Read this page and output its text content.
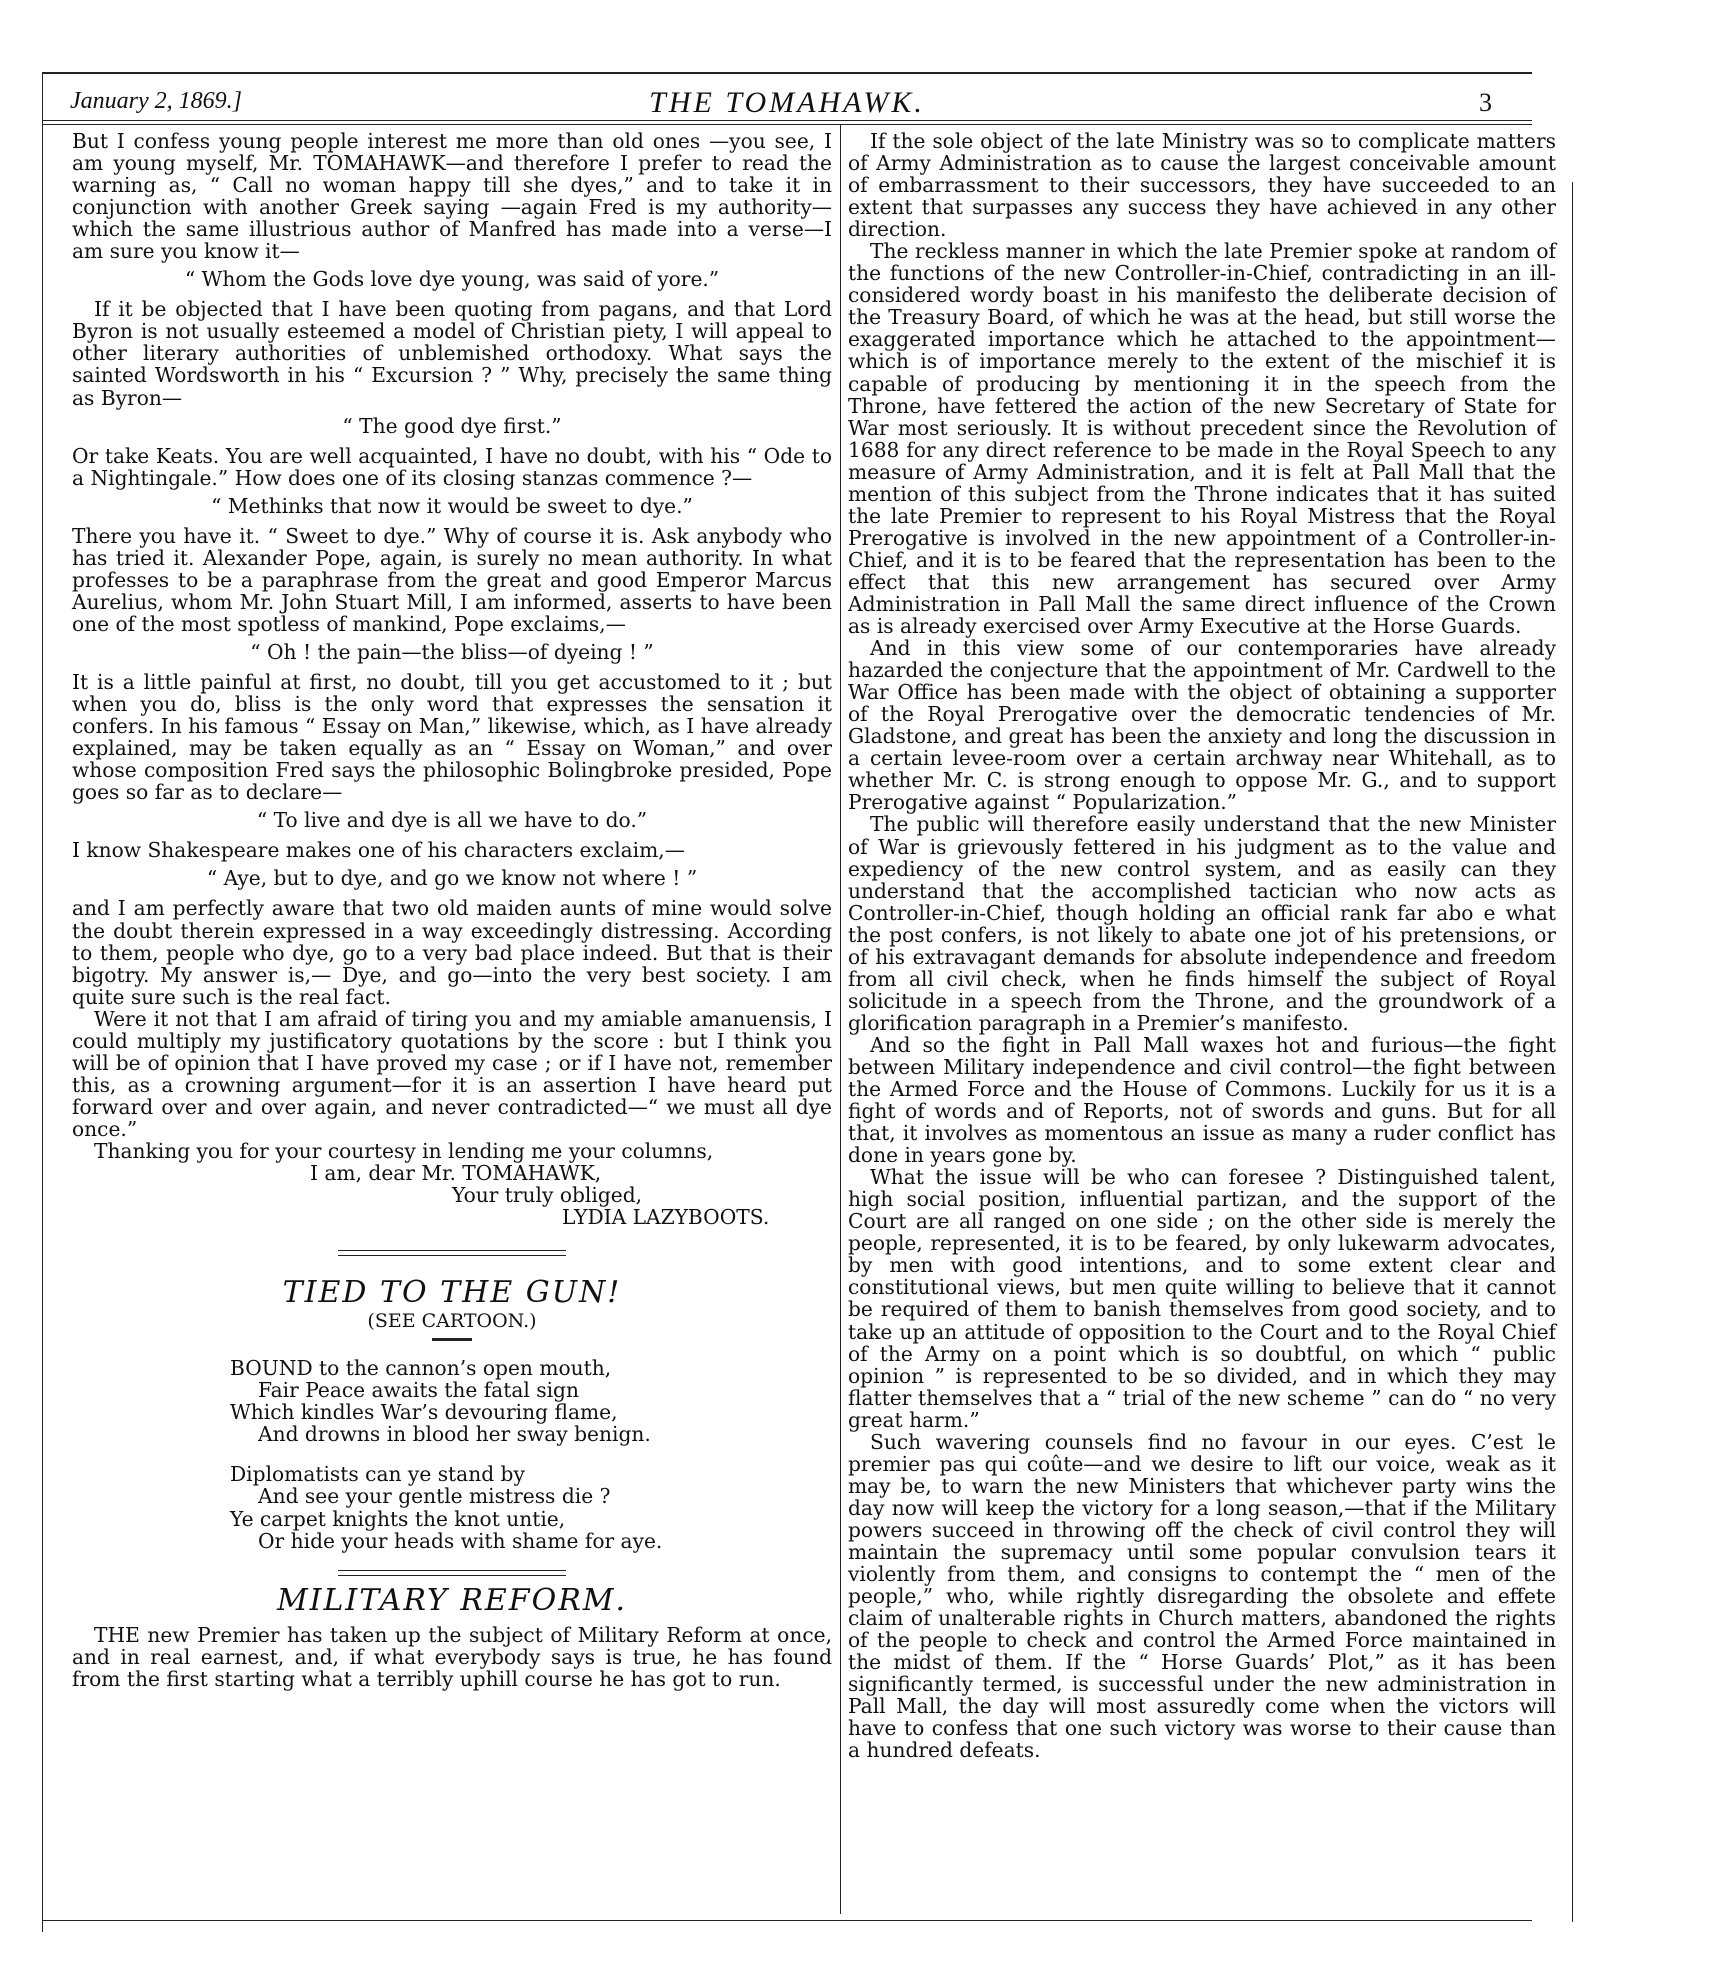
January 2, 1869.]	THE TOMAHAWK.	3

But I confess young people interest me more than old ones —you see, I am young myself, Mr. TOMAHAWK—and therefore I prefer to read the warning as, “ Call no woman happy till she dyes,” and to take it in conjunction with another Greek saying —again Fred is my authority—which the same illustrious author of Manfred has made into a verse—I am sure you know it—

“ Whom the Gods love dye young, was said of yore.”

If it be objected that I have been quoting from pagans, and that Lord Byron is not usually esteemed a model of Christian piety, I will appeal to other literary authorities of unblemished orthodoxy. What says the sainted Wordsworth in his “ Excursion ? ” Why, precisely the same thing as Byron—

“ The good dye first.”

Or take Keats. You are well acquainted, I have no doubt, with his “ Ode to a Nightingale.” How does one of its closing stanzas commence ?—

“ Methinks that now it would be sweet to dye.”

There you have it. “ Sweet to dye.” Why of course it is. Ask anybody who has tried it. Alexander Pope, again, is surely no mean authority. In what professes to be a paraphrase from the great and good Emperor Marcus Aurelius, whom Mr. John Stuart Mill, I am informed, asserts to have been one of the most spotless of mankind, Pope exclaims,—

“ Oh ! the pain—the bliss—of dyeing ! ”

It is a little painful at first, no doubt, till you get accustomed to it ; but when you do, bliss is the only word that expresses the sensation it confers. In his famous “ Essay on Man,” likewise, which, as I have already explained, may be taken equally as an “ Essay on Woman,” and over whose composition Fred says the philosophic Bolingbroke presided, Pope goes so far as to declare—

“ To live and dye is all we have to do.”

I know Shakespeare makes one of his characters exclaim,—

“ Aye, but to dye, and go we know not where ! ”

and I am perfectly aware that two old maiden aunts of mine would solve the doubt therein expressed in a way exceedingly distressing. According to them, people who dye, go to a very bad place indeed. But that is their bigotry. My answer is,— Dye, and go—into the very best society. I am quite sure such is the real fact.

Were it not that I am afraid of tiring you and my amiable amanuensis, I could multiply my justificatory quotations by the score : but I think you will be of opinion that I have proved my case ; or if I have not, remember this, as a crowning argument—for it is an assertion I have heard put forward over and over again, and never contradicted—“ we must all dye once.”

Thanking you for your courtesy in lending me your columns,

I am, dear Mr. TOMAHAWK,

Your truly obliged,

LYDIA LAZYBOOTS.

TIED TO THE GUN!
(SEE CARTOON.)

BOUND to the cannon’s open mouth,

Fair Peace awaits the fatal sign

Which kindles War’s devouring flame,

And drowns in blood her sway benign.

Diplomatists can ye stand by

And see your gentle mistress die ?

Ye carpet knights the knot untie,

Or hide your heads with shame for aye.

MILITARY REFORM.

THE new Premier has taken up the subject of Military Reform at once, and in real earnest, and, if what everybody says is true, he has found from the first starting what a terribly uphill course he has got to run.

If the sole object of the late Ministry was so to complicate matters of Army Administration as to cause the largest conceivable amount of embarrassment to their successors, they have succeeded to an extent that surpasses any success they have achieved in any other direction.

The reckless manner in which the late Premier spoke at random of the functions of the new Controller-in-Chief, contradicting in an ill-considered wordy boast in his manifesto the deliberate decision of the Treasury Board, of which he was at the head, but still worse the exaggerated importance which he attached to the appointment—which is of importance merely to the extent of the mischief it is capable of producing by mentioning it in the speech from the Throne, have fettered the action of the new Secretary of State for War most seriously. It is without precedent since the Revolution of 1688 for any direct reference to be made in the Royal Speech to any measure of Army Administration, and it is felt at Pall Mall that the mention of this subject from the Throne indicates that it has suited the late Premier to represent to his Royal Mistress that the Royal Prerogative is involved in the new appointment of a Controller-in-Chief, and it is to be feared that the representation has been to the effect that this new arrangement has secured over Army Administration in Pall Mall the same direct influence of the Crown as is already exercised over Army Executive at the Horse Guards.

And in this view some of our contemporaries have already hazarded the conjecture that the appointment of Mr. Cardwell to the War Office has been made with the object of obtaining a supporter of the Royal Prerogative over the democratic tendencies of Mr. Gladstone, and great has been the anxiety and long the discussion in a certain levee-room over a certain archway near Whitehall, as to whether Mr. C. is strong enough to oppose Mr. G., and to support Prerogative against “ Popularization.”

The public will therefore easily understand that the new Minister of War is grievously fettered in his judgment as to the value and expediency of the new control system, and as easily can they understand that the accomplished tactician who now acts as Controller-in-Chief, though holding an official rank far abo e what the post confers, is not likely to abate one jot of his pretensions, or of his extravagant demands for absolute independence and freedom from all civil check, when he finds himself the subject of Royal solicitude in a speech from the Throne, and the groundwork of a glorification paragraph in a Premier’s manifesto.

And so the fight in Pall Mall waxes hot and furious—the fight between Military independence and civil control—the fight between the Armed Force and the House of Commons. Luckily for us it is a fight of words and of Reports, not of swords and guns. But for all that, it involves as momentous an issue as many a ruder conflict has done in years gone by.

What the issue will be who can foresee ? Distinguished talent, high social position, influential partizan, and the support of the Court are all ranged on one side ; on the other side is merely the people, represented, it is to be feared, by only lukewarm advocates, by men with good intentions, and to some extent clear and constitutional views, but men quite willing to believe that it cannot be required of them to banish themselves from good society, and to take up an attitude of opposition to the Court and to the Royal Chief of the Army on a point which is so doubtful, on which “ public opinion ” is represented to be so divided, and in which they may flatter themselves that a “ trial of the new scheme ” can do “ no very great harm.”

Such wavering counsels find no favour in our eyes. C’est le premier pas qui coûte—and we desire to lift our voice, weak as it may be, to warn the new Ministers that whichever party wins the day now will keep the victory for a long season,—that if the Military powers succeed in throwing off the check of civil control they will maintain the supremacy until some popular convulsion tears it violently from them, and consigns to contempt the “ men of the people,” who, while rightly disregarding the obsolete and effete claim of unalterable rights in Church matters, abandoned the rights of the people to check and control the Armed Force maintained in the midst of them. If the “ Horse Guards’ Plot,” as it has been significantly termed, is successful under the new administration in Pall Mall, the day will most assuredly come when the victors will have to confess that one such victory was worse to their cause than a hundred defeats.
